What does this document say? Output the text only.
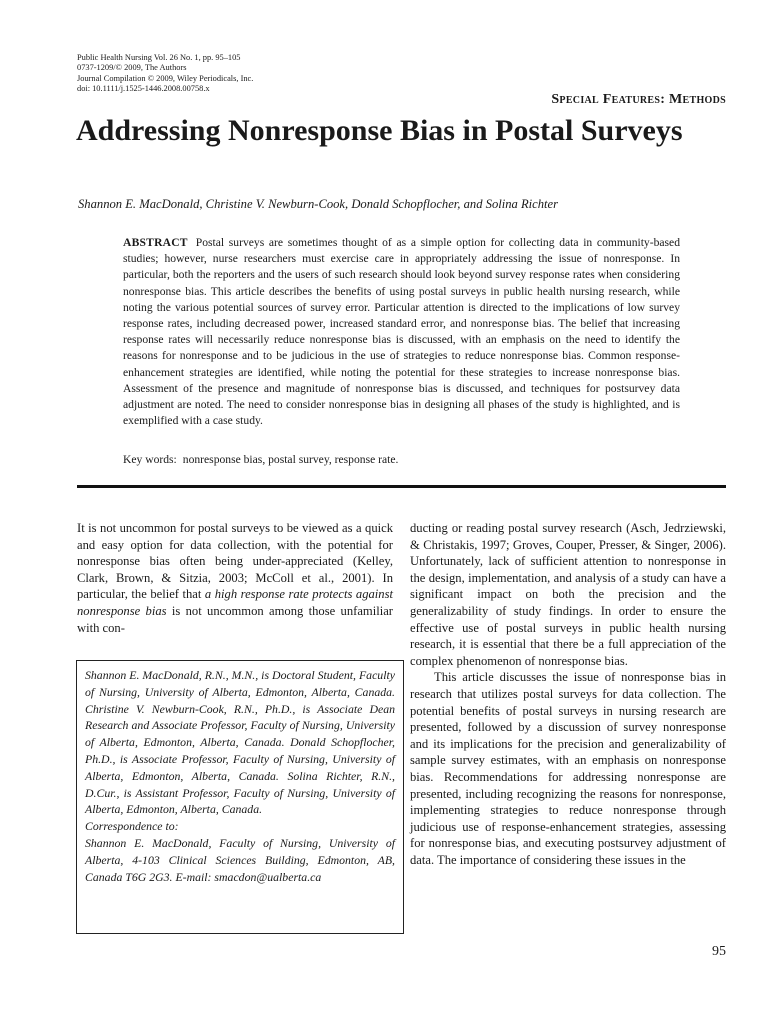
Public Health Nursing Vol. 26 No. 1, pp. 95–105
0737-1209/© 2009, The Authors
Journal Compilation © 2009, Wiley Periodicals, Inc.
doi: 10.1111/j.1525-1446.2008.00758.x
Special Features: Methods
Addressing Nonresponse Bias in Postal Surveys
Shannon E. MacDonald, Christine V. Newburn-Cook, Donald Schopflocher, and Solina Richter
ABSTRACT Postal surveys are sometimes thought of as a simple option for collecting data in community-based studies; however, nurse researchers must exercise care in appropriately addressing the issue of nonresponse. In particular, both the reporters and the users of such research should look beyond survey response rates when considering nonresponse bias. This article describes the benefits of using postal surveys in public health nursing research, while noting the various potential sources of survey error. Particular attention is directed to the implications of low survey response rates, including decreased power, increased standard error, and nonresponse bias. The belief that increasing response rates will necessarily reduce nonresponse bias is discussed, with an emphasis on the need to identify the reasons for nonresponse and to be judicious in the use of strategies to reduce nonresponse bias. Common response-enhancement strategies are identified, while noting the potential for these strategies to increase nonresponse bias. Assessment of the presence and magnitude of nonresponse bias is discussed, and techniques for postsurvey data adjustment are noted. The need to consider nonresponse bias in designing all phases of the study is highlighted, and is exemplified with a case study.
Key words: nonresponse bias, postal survey, response rate.

It is not uncommon for postal surveys to be viewed as a quick and easy option for data collection, with the potential for nonresponse bias often being under-appreciated (Kelley, Clark, Brown, & Sitzia, 2003; McColl et al., 2001). In particular, the belief that a high response rate protects against nonresponse bias is not uncommon among those unfamiliar with con-

Shannon E. MacDonald, R.N., M.N., is Doctoral Student, Faculty of Nursing, University of Alberta, Edmonton, Alberta, Canada. Christine V. Newburn-Cook, R.N., Ph.D., is Associate Dean Research and Associate Professor, Faculty of Nursing, University of Alberta, Edmonton, Alberta, Canada. Donald Schopflocher, Ph.D., is Associate Professor, Faculty of Nursing, University of Alberta, Edmonton, Alberta, Canada. Solina Richter, R.N., D.Cur., is Assistant Professor, Faculty of Nursing, University of Alberta, Edmonton, Alberta, Canada.

Correspondence to:

Shannon E. MacDonald, Faculty of Nursing, University of Alberta, 4-103 Clinical Sciences Building, Edmonton, AB, Canada T6G 2G3. E-mail: smacdon@ualberta.ca

ducting or reading postal survey research (Asch, Jedrziewski, & Christakis, 1997; Groves, Couper, Presser, & Singer, 2006). Unfortunately, lack of sufficient attention to nonresponse in the design, implementation, and analysis of a study can have a significant impact on both the precision and the generalizability of study findings. In order to ensure the effective use of postal surveys in public health nursing research, it is essential that there be a full appreciation of the complex phenomenon of nonresponse bias.

This article discusses the issue of nonresponse bias in research that utilizes postal surveys for data collection. The potential benefits of postal surveys in nursing research are presented, followed by a discussion of survey nonresponse and its implications for the precision and generalizability of sample survey estimates, with an emphasis on nonresponse bias. Recommendations for addressing nonresponse are presented, including recognizing the reasons for nonresponse, implementing strategies to reduce nonresponse through judicious use of response-enhancement strategies, assessing for nonresponse bias, and executing postsurvey adjustment of data. The importance of considering these issues in the

95
